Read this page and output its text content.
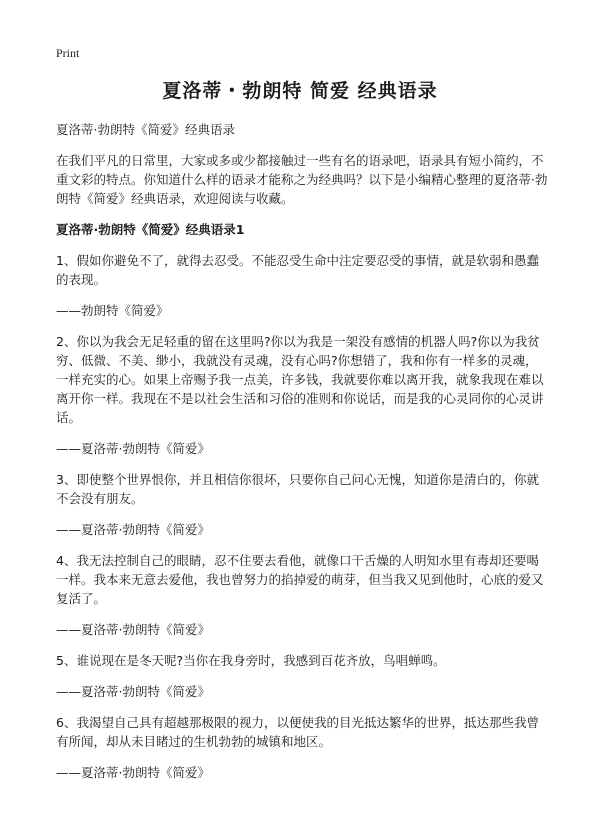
Print
夏洛蒂・勃朗特 简爱 经典语录

夏洛蒂·勃朗特《简爱》经典语录

在我们平凡的日常里，大家或多或少都接触过一些有名的语录吧，语录具有短小简约，不重文彩的特点。你知道什么样的语录才能称之为经典吗？以下是小编精心整理的夏洛蒂·勃朗特《简爱》经典语录，欢迎阅读与收藏。

夏洛蒂·勃朗特《简爱》经典语录1

1、假如你避免不了，就得去忍受。不能忍受生命中注定要忍受的事情，就是软弱和愚蠢的表现。

——勃朗特《简爱》

2、你以为我会无足轻重的留在这里吗?你以为我是一架没有感情的机器人吗?你以为我贫穷、低微、不美、缈小，我就没有灵魂，没有心吗?你想错了，我和你有一样多的灵魂，一样充实的心。如果上帝赐予我一点美，许多钱，我就要你难以离开我，就象我现在难以离开你一样。我现在不是以社会生活和习俗的准则和你说话，而是我的心灵同你的心灵讲话。

——夏洛蒂·勃朗特《简爱》

3、即使整个世界恨你，并且相信你很坏，只要你自己问心无愧，知道你是清白的，你就不会没有朋友。

——夏洛蒂·勃朗特《简爱》

4、我无法控制自己的眼睛，忍不住要去看他，就像口干舌燥的人明知水里有毒却还要喝一样。我本来无意去爱他，我也曾努力的掐掉爱的萌芽，但当我又见到他时，心底的爱又复活了。

——夏洛蒂·勃朗特《简爱》

5、谁说现在是冬天呢?当你在我身旁时，我感到百花齐放，鸟唱蝉鸣。

——夏洛蒂·勃朗特《简爱》

6、我渴望自己具有超越那极限的视力，以便使我的目光抵达繁华的世界，抵达那些我曾有所闻，却从未目睹过的生机勃勃的城镇和地区。

——夏洛蒂·勃朗特《简爱》
